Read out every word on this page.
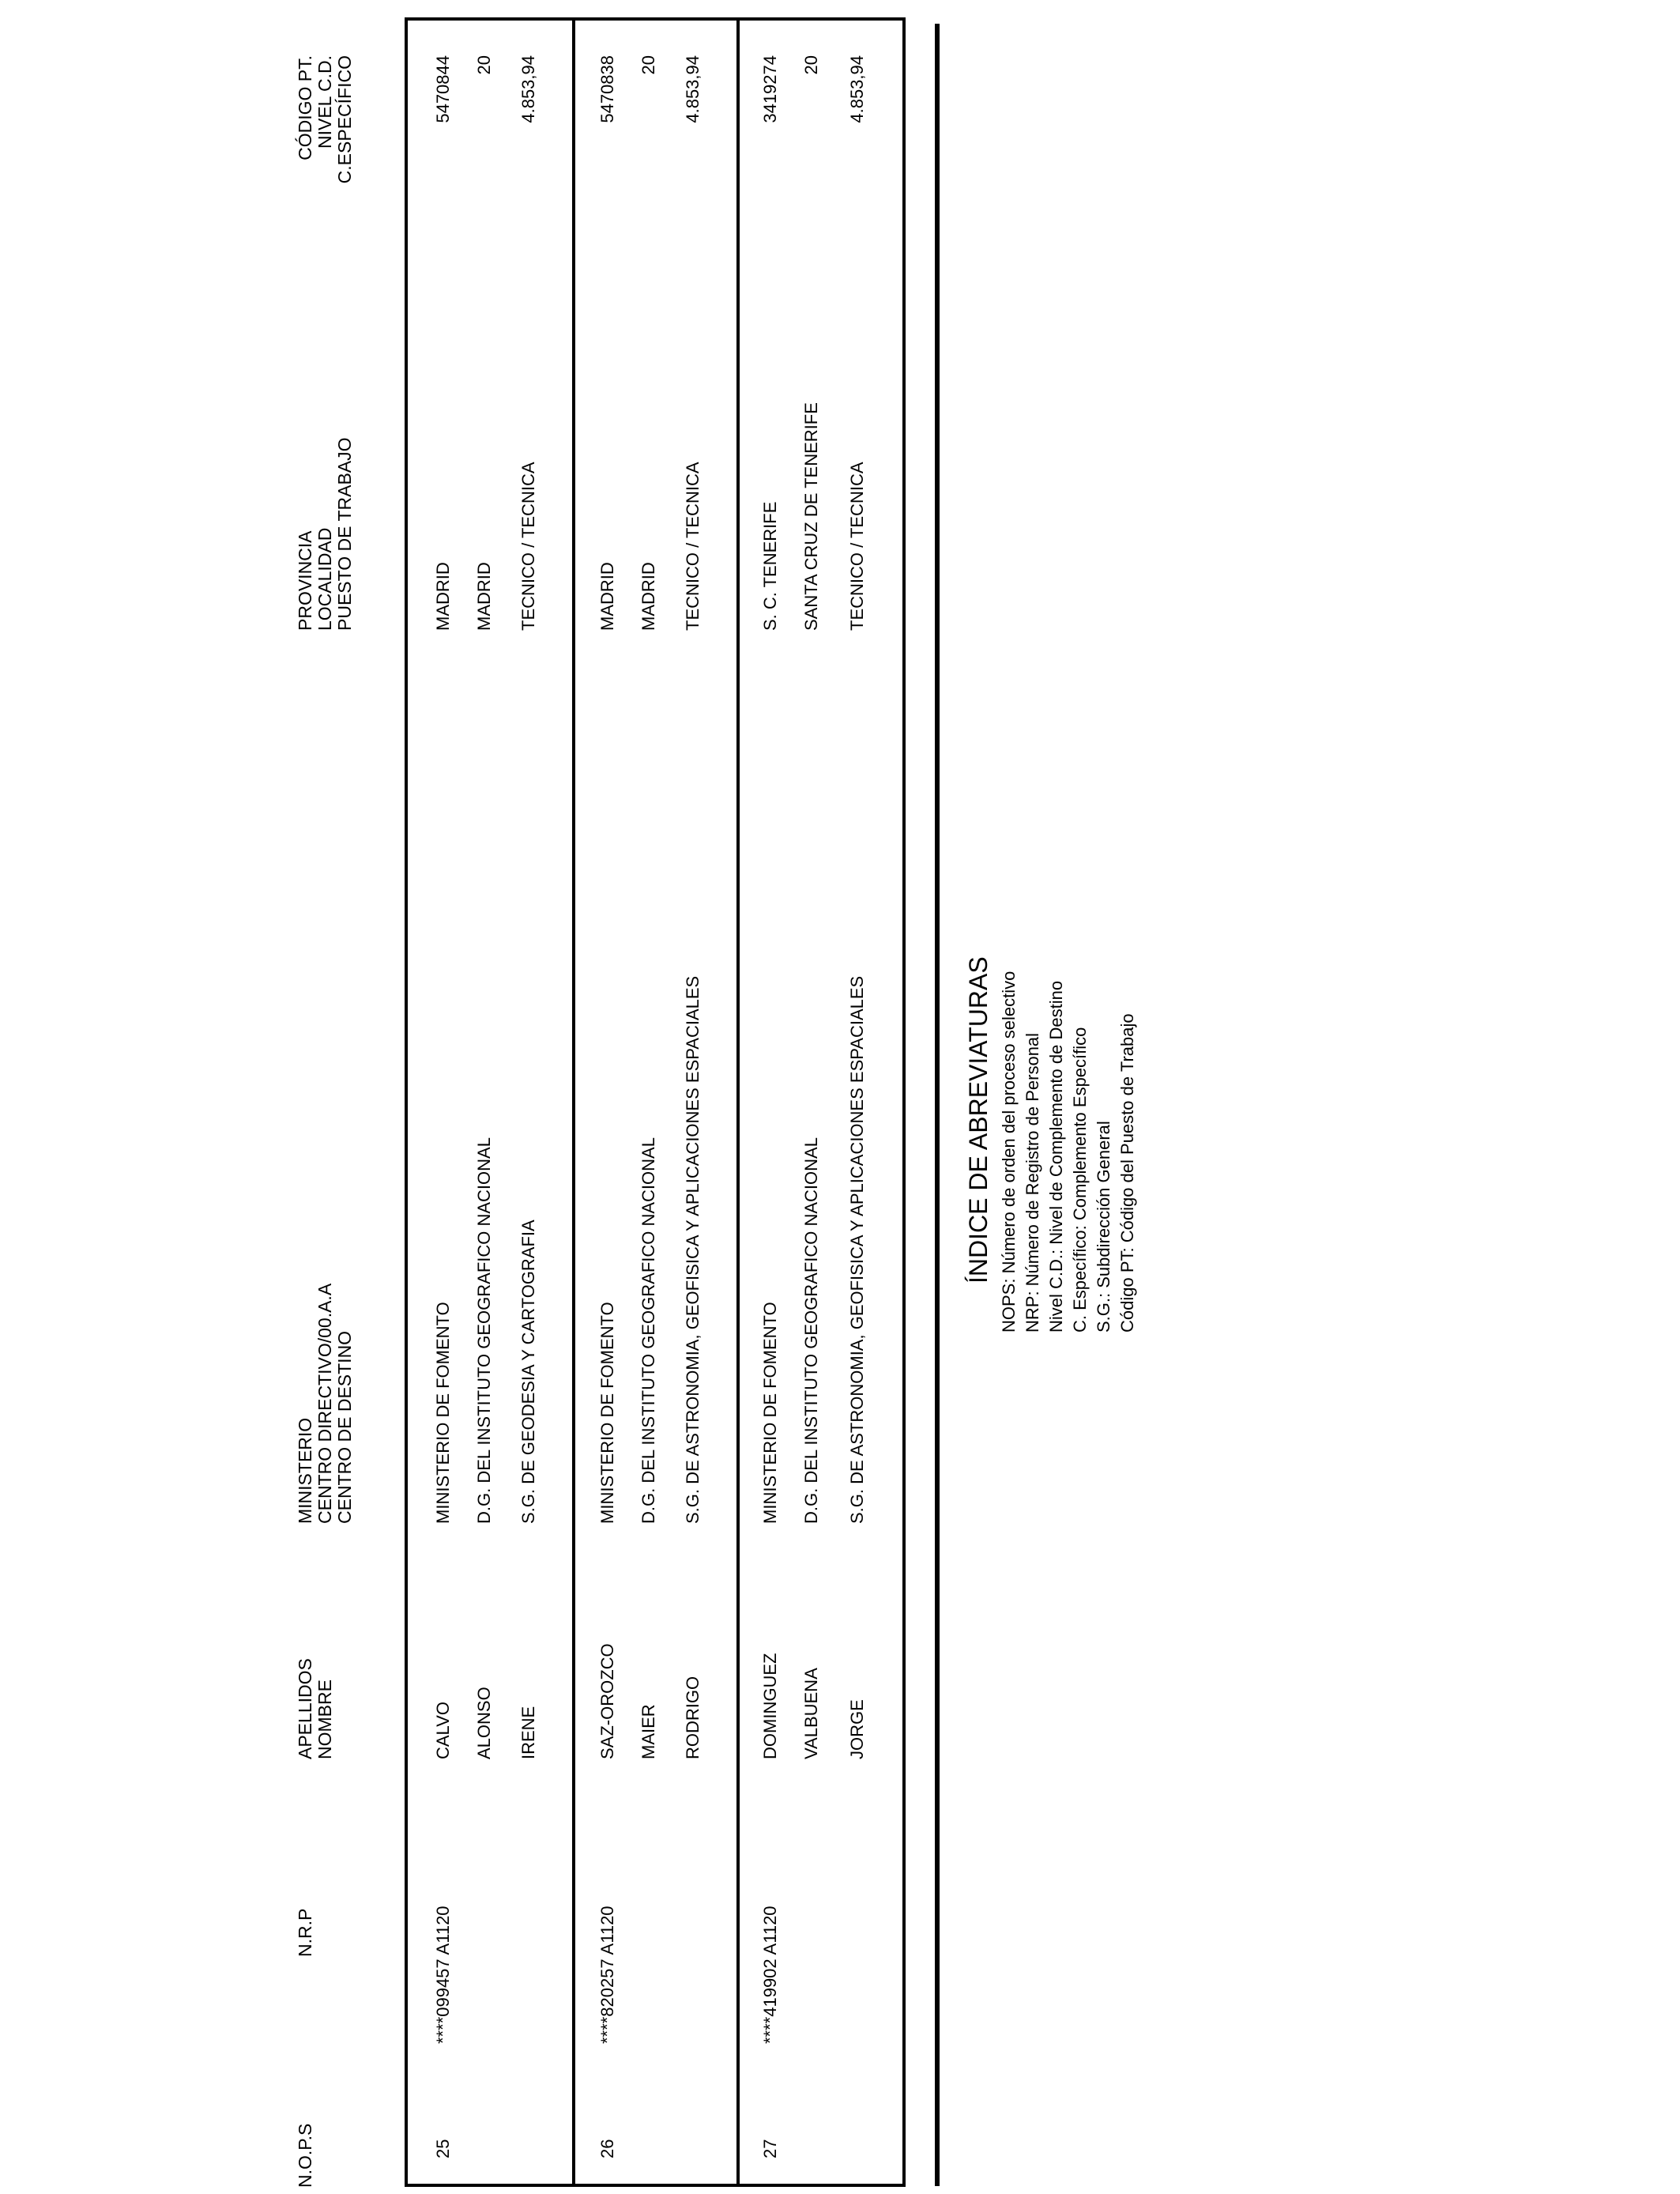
N.O.P.S
N.R.P
APELLIDOS NOMBRE
MINISTERIO CENTRO DIRECTIVO/00.A.A CENTRO DE DESTINO
PROVINCIA LOCALIDAD PUESTO DE TRABAJO
CÓDIGO PT. NIVEL C.D. C.ESPECÍFICO
25
****099457 A1120
CALVO ALONSO IRENE
MINISTERIO DE FOMENTO D.G. DEL INSTITUTO GEOGRAFICO NACIONAL S.G. DE GEODESIA Y CARTOGRAFIA
MADRID MADRID TECNICO / TECNICA
5470844 20 4.853,94
26
****820257 A1120
SAZ-OROZCO MAIER RODRIGO
MINISTERIO DE FOMENTO D.G. DEL INSTITUTO GEOGRAFICO NACIONAL S.G. DE ASTRONOMIA, GEOFISICA Y APLICACIONES ESPACIALES
MADRID MADRID TECNICO / TECNICA
5470838 20 4.853,94
27
****419902 A1120
DOMINGUEZ VALBUENA JORGE
MINISTERIO DE FOMENTO D.G. DEL INSTITUTO GEOGRAFICO NACIONAL S.G. DE ASTRONOMIA, GEOFISICA Y APLICACIONES ESPACIALES
S. C. TENERIFE SANTA CRUZ DE TENERIFE TECNICO / TECNICA
3419274 20 4.853,94
ÍNDICE DE ABREVIATURAS NOPS: Número de orden del proceso selectivo NRP: Número de Registro de Personal Nivel C.D.: Nivel de Complemento de Destino C. Específico: Complemento Específico S.G.: Subdirección General Código PT: Código del Puesto de Trabajo
